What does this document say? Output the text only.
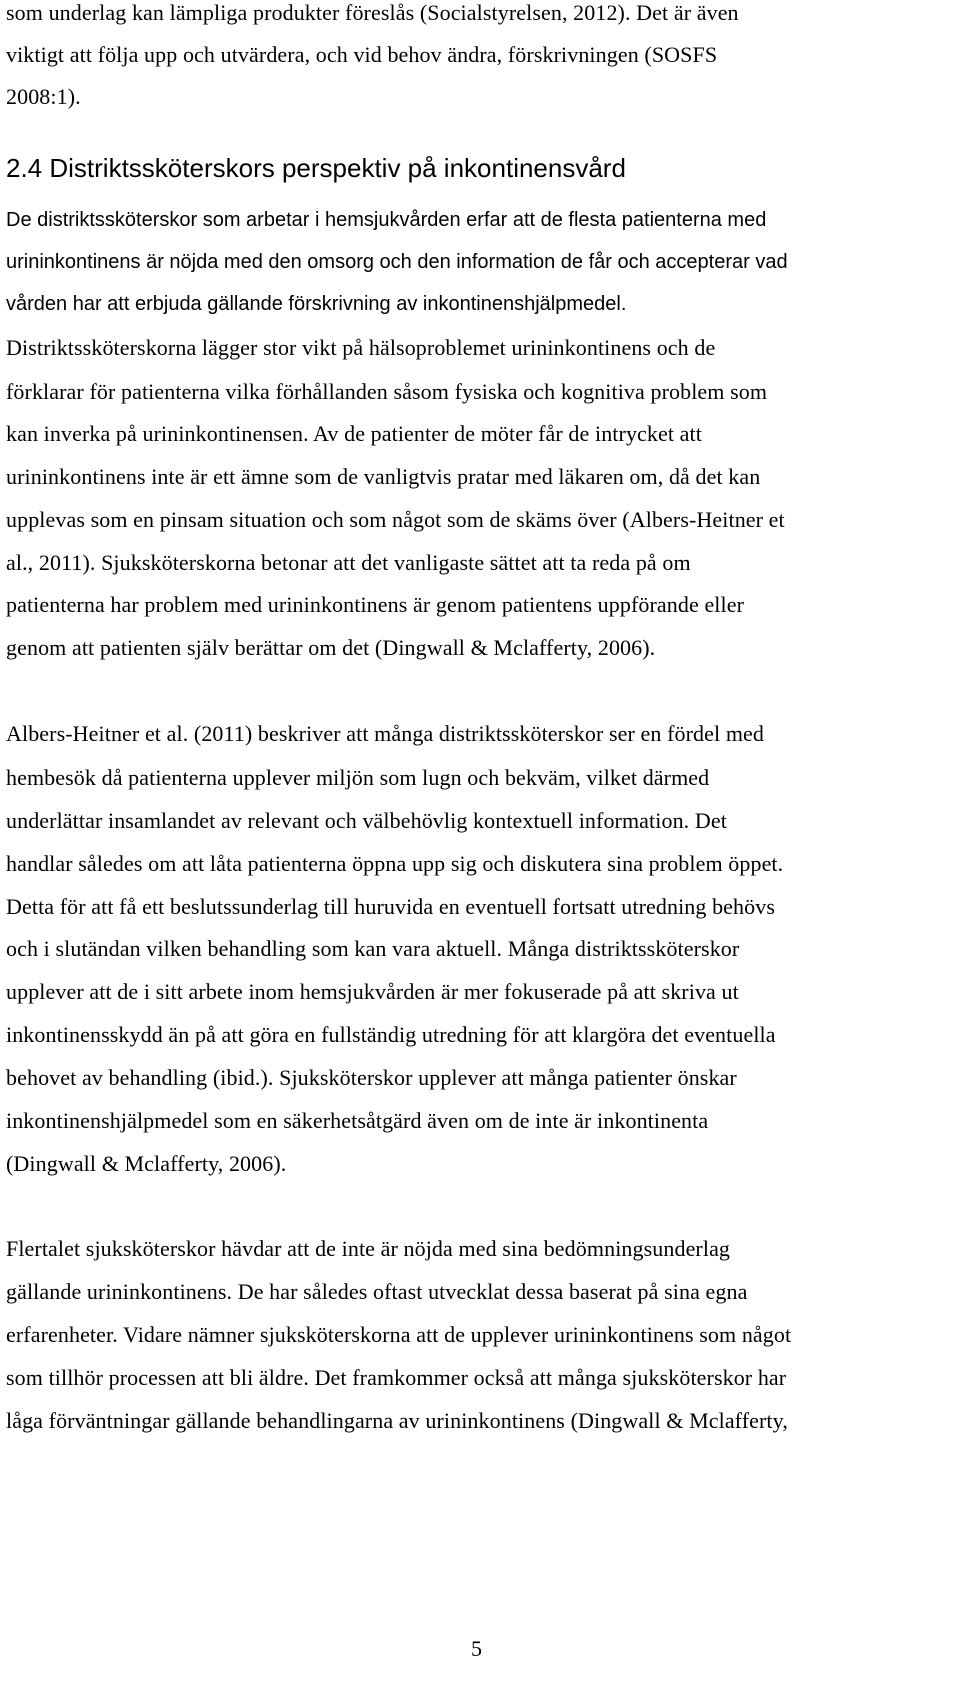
som underlag kan lämpliga produkter föreslås (Socialstyrelsen, 2012). Det är även
viktigt att följa upp och utvärdera, och vid behov ändra, förskrivningen (SOSFS
2008:1).
2.4 Distriktssköterskors perspektiv på inkontinensvård
De distriktssköterskor som arbetar i hemsjukvården erfar att de flesta patienterna med
urininkontinens är nöjda med den omsorg och den information de får och accepterar vad
vården har att erbjuda gällande förskrivning av inkontinenshjälpmedel.
Distriktssköterskorna lägger stor vikt på hälsoproblemet urininkontinens och de
förklarar för patienterna vilka förhållanden såsom fysiska och kognitiva problem som
kan inverka på urininkontinensen. Av de patienter de möter får de intrycket att
urininkontinens inte är ett ämne som de vanligtvis pratar med läkaren om, då det kan
upplevas som en pinsam situation och som något som de skäms över (Albers-Heitner et
al., 2011). Sjuksköterskorna betonar att det vanligaste sättet att ta reda på om
patienterna har problem med urininkontinens är genom patientens uppförande eller
genom att patienten själv berättar om det (Dingwall & Mclafferty, 2006).
Albers-Heitner et al. (2011) beskriver att många distriktssköterskor ser en fördel med
hembesök då patienterna upplever miljön som lugn och bekväm, vilket därmed
underlättar insamlandet av relevant och välbehövlig kontextuell information. Det
handlar således om att låta patienterna öppna upp sig och diskutera sina problem öppet.
Detta för att få ett beslutssunderlag till huruvida en eventuell fortsatt utredning behövs
och i slutändan vilken behandling som kan vara aktuell. Många distriktssköterskor
upplever att de i sitt arbete inom hemsjukvården är mer fokuserade på att skriva ut
inkontinensskydd än på att göra en fullständig utredning för att klargöra det eventuella
behovet av behandling (ibid.). Sjuksköterskor upplever att många patienter önskar
inkontinenshjälpmedel som en säkerhetsåtgärd även om de inte är inkontinenta
(Dingwall & Mclafferty, 2006).
Flertalet sjuksköterskor hävdar att de inte är nöjda med sina bedömningsunderlag
gällande urininkontinens. De har således oftast utvecklat dessa baserat på sina egna
erfarenheter. Vidare nämner sjuksköterskorna att de upplever urininkontinens som något
som tillhör processen att bli äldre. Det framkommer också att många sjuksköterskor har
låga förväntningar gällande behandlingarna av urininkontinens (Dingwall & Mclafferty,
5
